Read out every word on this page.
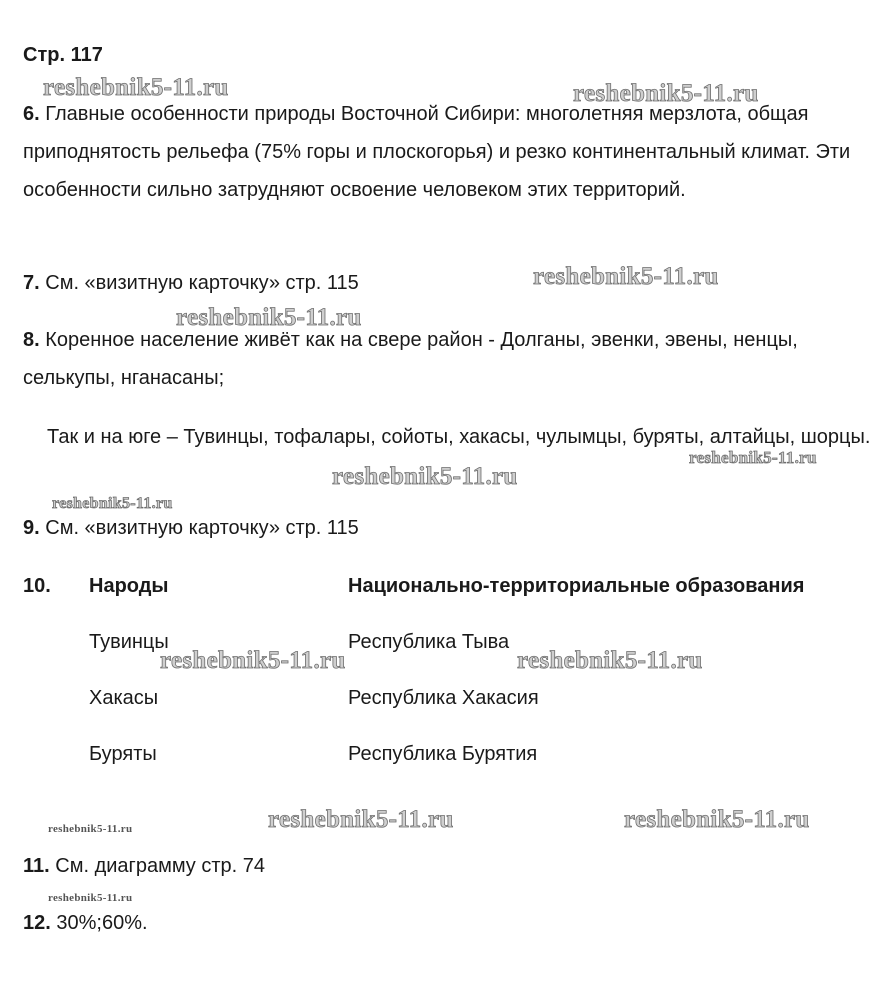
Стр. 117

6. Главные особенности природы Восточной Сибири: многолетняя мерзлота, общая приподнятость рельефа (75% горы и плоскогорья) и резко континентальный климат. Эти особенности сильно затрудняют освоение человеком этих территорий.

7. См. «визитную карточку» стр. 115

8. Коренное население живёт как на свере район - Долганы, эвенки, эвены, ненцы, селькупы, нганасаны;

Так и на юге – Тувинцы, тофалары, сойоты, хакасы, чулымцы, буряты, алтайцы, шорцы.

9. См. «визитную карточку» стр. 115

10. Народы	Национально-территориальные образования
Тувинцы	Республика Тыва
Хакасы	Республика Хакасия
Буряты	Республика Бурятия

11. См. диаграмму стр. 74

12. 30%;60%.

reshebnik5-11.ru	reshebnik5-11.ru
reshebnik5-11.ru
reshebnik5-11.ru
reshebnik5-11.ru
reshebnik5-11.ru
reshebnik5-11.ru
reshebnik5-11.ru	reshebnik5-11.ru
reshebnik5-11.ru	reshebnik5-11.ru	reshebnik5-11.ru
reshebnik5-11.ru
